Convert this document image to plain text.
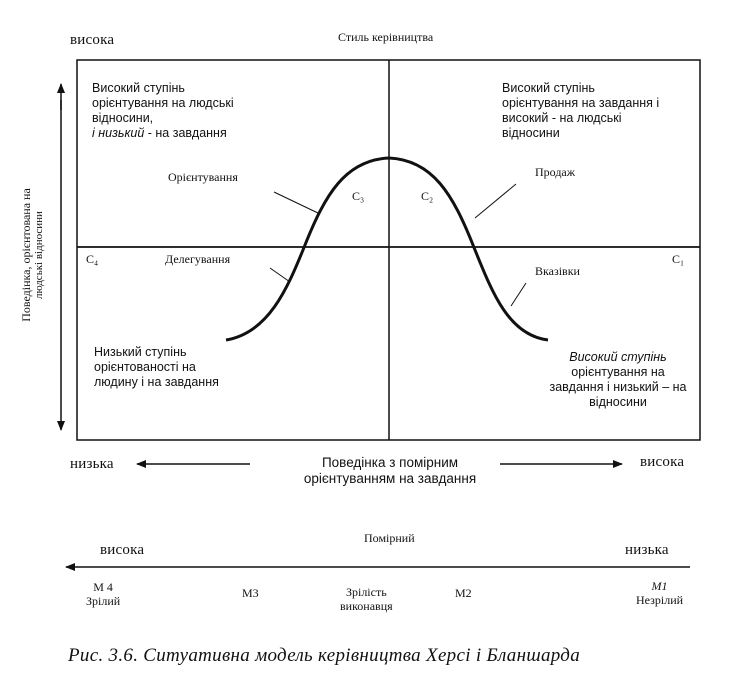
висока	Стиль керівництва
Поведінка, орієнтована на людські відносини
Високий ступінь
орієнтування на людські
відносини,
і низький - на завдання
Високий ступінь
орієнтування на завдання і
високий - на людські
відносини
Низький ступінь
орієнтованості на
людину і на завдання
Високий ступінь
орієнтування на
завдання і низький – на
відносини
Орієнтування	Продаж
Делегування
Вказівки
C₃	C₂
C₄	C₁
низька	висока
Поведінка з помірним
орієнтуванням на завдання
Помірний
висока	низька
M 4
Зрілий
M3	Зрілість
виконавця
M2	M1
Незрілий
Рис. 3.6. Ситуативна модель керівництва Херсі і Бланшарда
